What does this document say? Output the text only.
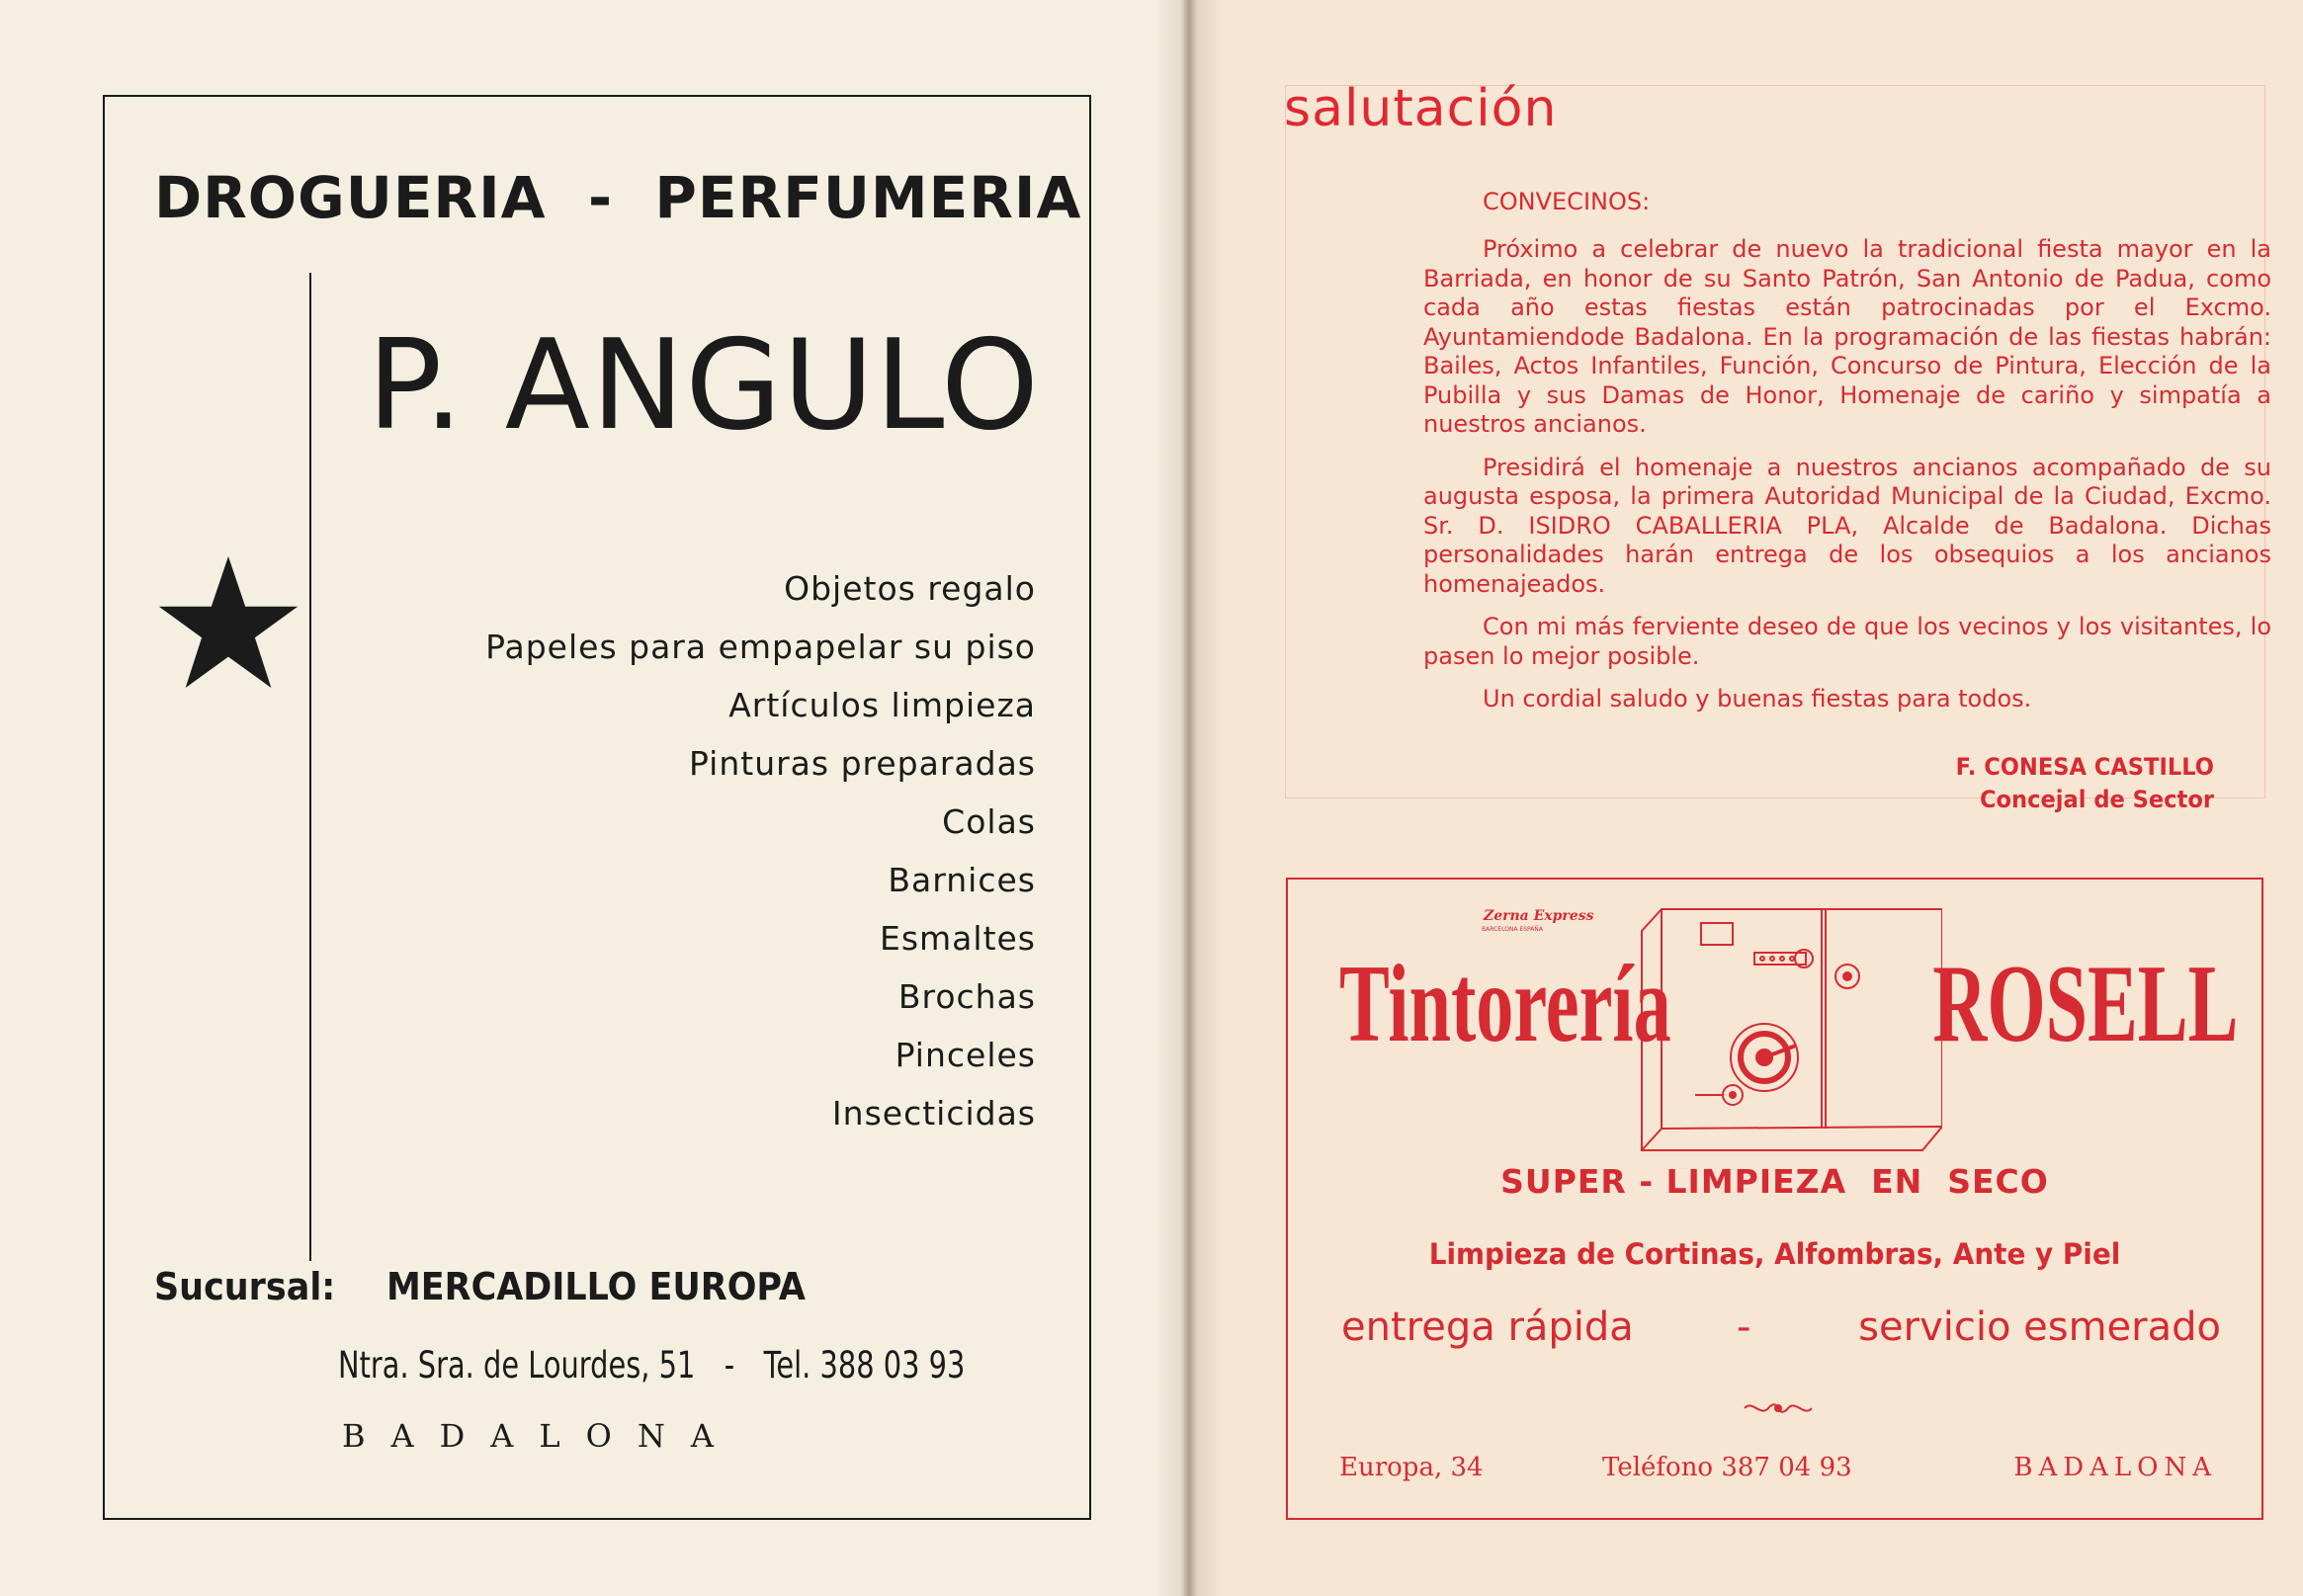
DROGUERIA  -  PERFUMERIA
P. ANGULO
Objetos regalo
Papeles para empapelar su piso
Artículos limpieza
Pinturas preparadas
Colas
Barnices
Esmaltes
Brochas
Pinceles
Insecticidas
Sucursal: MERCADILLO EUROPA
Ntra. Sra. de Lourdes, 51 - Tel. 388 03 93
BADALONA
salutación
CONVECINOS:

Próximo a celebrar de nuevo la tradicional fiesta mayor en la Barriada, en honor de su Santo Patrón, San Antonio de Padua, como cada año estas fiestas están patrocinadas por el Excmo. Ayuntamiendode Badalona. En la programación de las fiestas habrán: Bailes, Actos Infantiles, Función, Concurso de Pintura, Elección de la Pubilla y sus Damas de Honor, Homenaje de cariño y simpatía a nuestros ancianos.

Presidirá el homenaje a nuestros ancianos acompañado de su augusta esposa, la primera Autoridad Municipal de la Ciudad, Excmo. Sr. D. ISIDRO CABALLERIA PLA, Alcalde de Badalona. Dichas personalidades harán entrega de los obsequios a los ancianos homenajeados.

Con mi más ferviente deseo de que los vecinos y los visitantes, lo pasen lo mejor posible.

Un cordial saludo y buenas fiestas para todos.

F. CONESA CASTILLO
Concejal de Sector
Tintorería ROSELL
Zerna Express
BARCELONA ESPAÑA
SUPER - LIMPIEZA  EN  SECO
Limpieza de Cortinas, Alfombras, Ante y Piel
entrega rápida	-	servicio esmerado
Europa, 34	Teléfono 387 04 93	BADALONA
